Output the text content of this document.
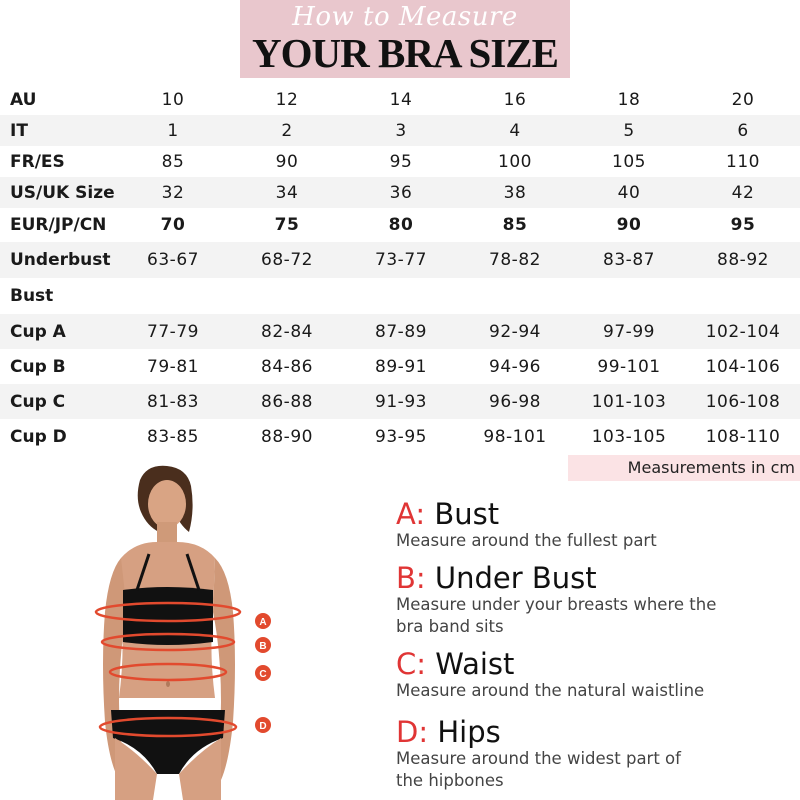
How to Measure
YOUR BRA SIZE
AU	10	12	14	16	18	20
IT	1	2	3	4	5	6
FR/ES	85	90	95	100	105	110
US/UK Size	32	34	36	38	40	42
EUR/JP/CN	70	75	80	85	90	95
Underbust	63-67	68-72	73-77	78-82	83-87	88-92
Bust
Cup A	77-79	82-84	87-89	92-94	97-99	102-104
Cup B	79-81	84-86	89-91	94-96	99-101	104-106
Cup C	81-83	86-88	91-93	96-98	101-103	106-108
Cup D	83-85	88-90	93-95	98-101	103-105	108-110
Measurements in cm
A
B
C
D
A: Bust
Measure around the fullest part
B: Under Bust
Measure under your breasts where the bra band sits
C: Waist
Measure around the natural waistline
D: Hips
Measure around the widest part of the hipbones
